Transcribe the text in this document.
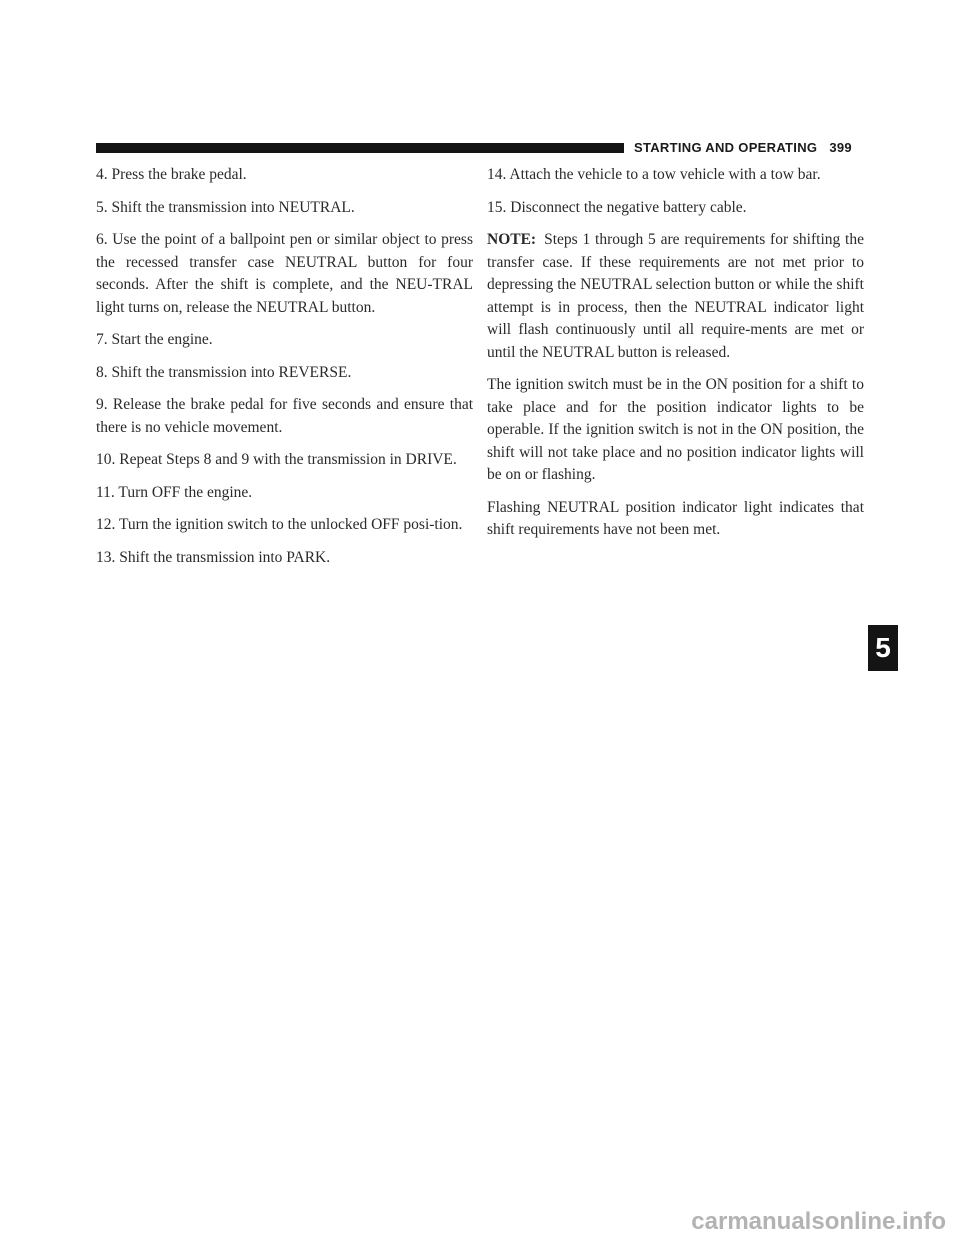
STARTING AND OPERATING 399

4. Press the brake pedal.

5. Shift the transmission into NEUTRAL.

6. Use the point of a ballpoint pen or similar object to press the recessed transfer case NEUTRAL button for four seconds. After the shift is complete, and the NEU-TRAL light turns on, release the NEUTRAL button.

7. Start the engine.

8. Shift the transmission into REVERSE.

9. Release the brake pedal for five seconds and ensure that there is no vehicle movement.

10. Repeat Steps 8 and 9 with the transmission in DRIVE.

11. Turn OFF the engine.

12. Turn the ignition switch to the unlocked OFF posi-tion.

13. Shift the transmission into PARK.

14. Attach the vehicle to a tow vehicle with a tow bar.

15. Disconnect the negative battery cable.

NOTE: Steps 1 through 5 are requirements for shifting the transfer case. If these requirements are not met prior to depressing the NEUTRAL selection button or while the shift attempt is in process, then the NEUTRAL indicator light will flash continuously until all require-ments are met or until the NEUTRAL button is released.

The ignition switch must be in the ON position for a shift to take place and for the position indicator lights to be operable. If the ignition switch is not in the ON position, the shift will not take place and no position indicator lights will be on or flashing.

Flashing NEUTRAL position indicator light indicates that shift requirements have not been met.

5
carmanualsonline.info
